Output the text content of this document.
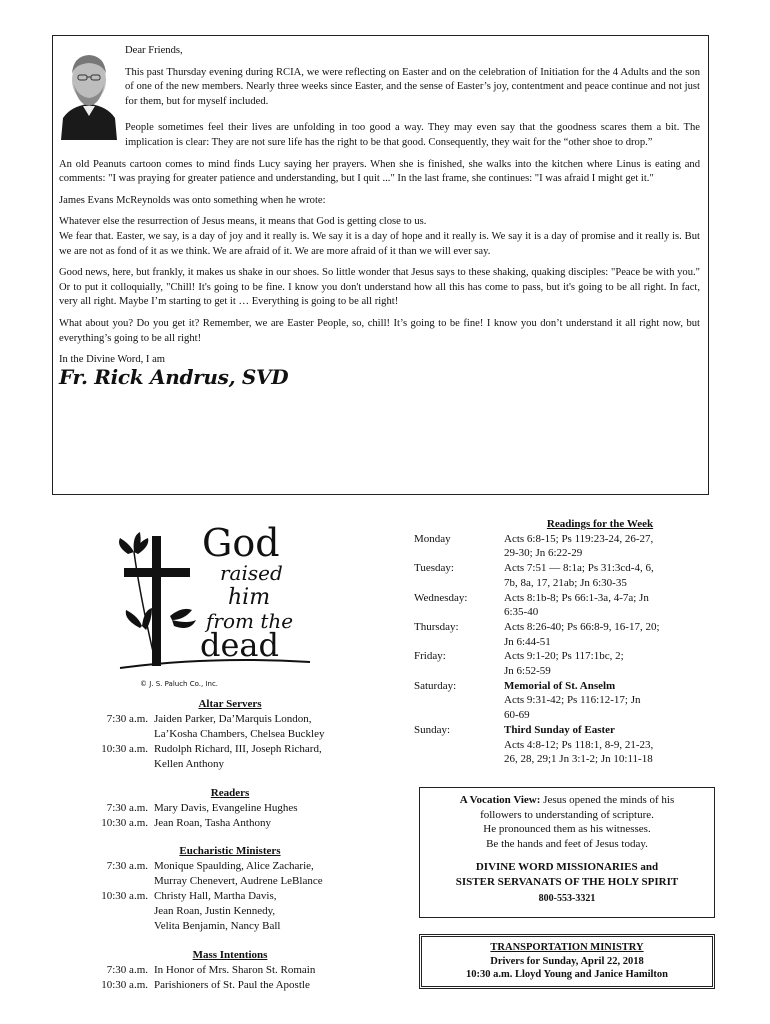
Dear Friends,

This past Thursday evening during RCIA, we were reflecting on Easter and on the celebration of Initiation for the 4 Adults and the son of one of the new members. Nearly three weeks since Easter, and the sense of Easter’s joy, contentment and peace continue and not just for them, but for myself included.

People sometimes feel their lives are unfolding in too good a way. They may even say that the goodness scares them a bit. The implication is clear: They are not sure life has the right to be that good. Consequently, they wait for the “other shoe to drop.”

An old Peanuts cartoon comes to mind finds Lucy saying her prayers. When she is finished, she walks into the kitchen where Linus is eating and comments: "I was praying for greater patience and understanding, but I quit ..." In the last frame, she continues: "I was afraid I might get it."

James Evans McReynolds was onto something when he wrote:

Whatever else the resurrection of Jesus means, it means that God is getting close to us.

We fear that. Easter, we say, is a day of joy and it really is. We say it is a day of hope and it really is. We say it is a day of promise and it really is. But we are not as fond of it as we think. We are afraid of it. We are more afraid of it than we will ever say.

Good news, here, but frankly, it makes us shake in our shoes. So little wonder that Jesus says to these shaking, quaking disciples: "Peace be with you." Or to put it colloquially, "Chill! It's going to be fine. I know you don't understand how all this has come to pass, but it's going to be all right. In fact, very all right. Maybe I’m starting to get it … Everything is going to be all right!

What about you? Do you get it? Remember, we are Easter People, so, chill! It’s going to be fine! I know you don’t understand it all right now, but everything’s going to be all right!

In the Divine Word, I am

Fr. Rick Andrus, SVD
God
raised
him
from the
dead
© J. S. Paluch Co., Inc.
Altar Servers
7:30 a.m. Jaiden Parker, Da’Marquis London,
La’Kosha Chambers, Chelsea Buckley
10:30 a.m. Rudolph Richard, III, Joseph Richard,
Kellen Anthony
Readers
7:30 a.m. Mary Davis, Evangeline Hughes
10:30 a.m. Jean Roan, Tasha Anthony
Eucharistic Ministers
7:30 a.m. Monique Spaulding, Alice Zacharie,
Murray Chenevert, Audrene LeBlance
10:30 a.m. Christy Hall, Martha Davis,
Jean Roan, Justin Kennedy,
Velita Benjamin, Nancy Ball
Mass Intentions
7:30 a.m. In Honor of Mrs. Sharon St. Romain
10:30 a.m. Parishioners of St. Paul the Apostle
Readings for the Week
Monday	Acts 6:8-15; Ps 119:23-24, 26-27,
29-30; Jn 6:22-29
Tuesday:	Acts 7:51 — 8:1a; Ps 31:3cd-4, 6,
7b, 8a, 17, 21ab; Jn 6:30-35
Wednesday:	Acts 8:1b-8; Ps 66:1-3a, 4-7a; Jn
6:35-40
Thursday:	Acts 8:26-40; Ps 66:8-9, 16-17, 20;
Jn 6:44-51
Friday:	Acts 9:1-20; Ps 117:1bc, 2;
Jn 6:52-59
Saturday:	Memorial of St. Anselm
Acts 9:31-42; Ps 116:12-17; Jn
60-69
Sunday:	Third Sunday of Easter
Acts 4:8-12; Ps 118:1, 8-9, 21-23,
26, 28, 29;1 Jn 3:1-2; Jn 10:11-18
A Vocation View: Jesus opened the minds of his
followers to understanding of scripture.
He pronounced them as his witnesses.
Be the hands and feet of Jesus today.
DIVINE WORD MISSIONARIES and
SISTER SERVANATS OF THE HOLY SPIRIT
800-553-3321
TRANSPORTATION MINISTRY
Drivers for Sunday, April 22, 2018
10:30 a.m. Lloyd Young and Janice Hamilton
